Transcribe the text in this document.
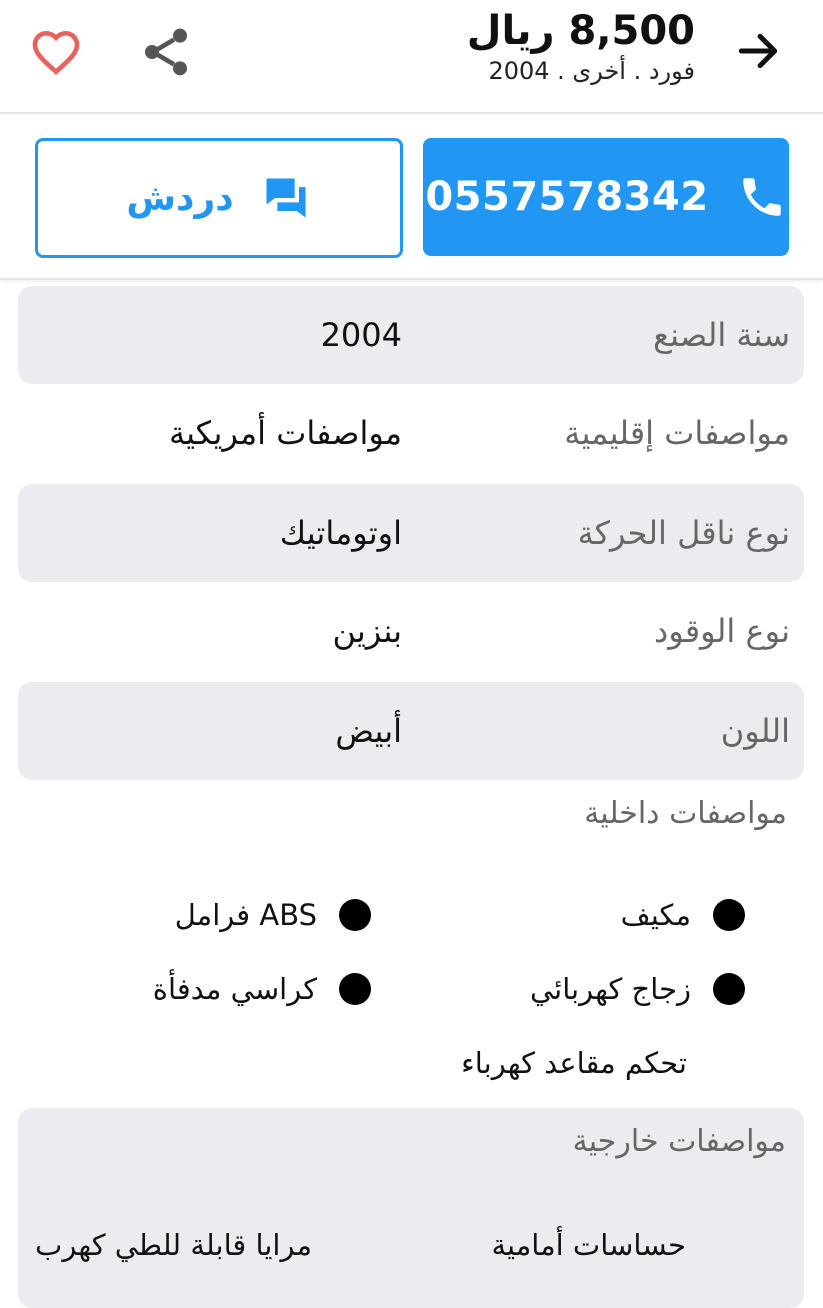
8,500 ريال
فورد . أخرى . 2004
0557578342
دردش
سنة الصنع
2004
مواصفات إقليمية
مواصفات أمريكية
نوع ناقل الحركة
اوتوماتيك
نوع الوقود
بنزين
اللون
أبيض
مواصفات داخلية
مكيف
فرامل ABS
زجاج كهربائي
كراسي مدفأة
تحكم مقاعد كهرباء
مواصفات خارجية
حساسات أمامية
مرايا قابلة للطي كهرب
